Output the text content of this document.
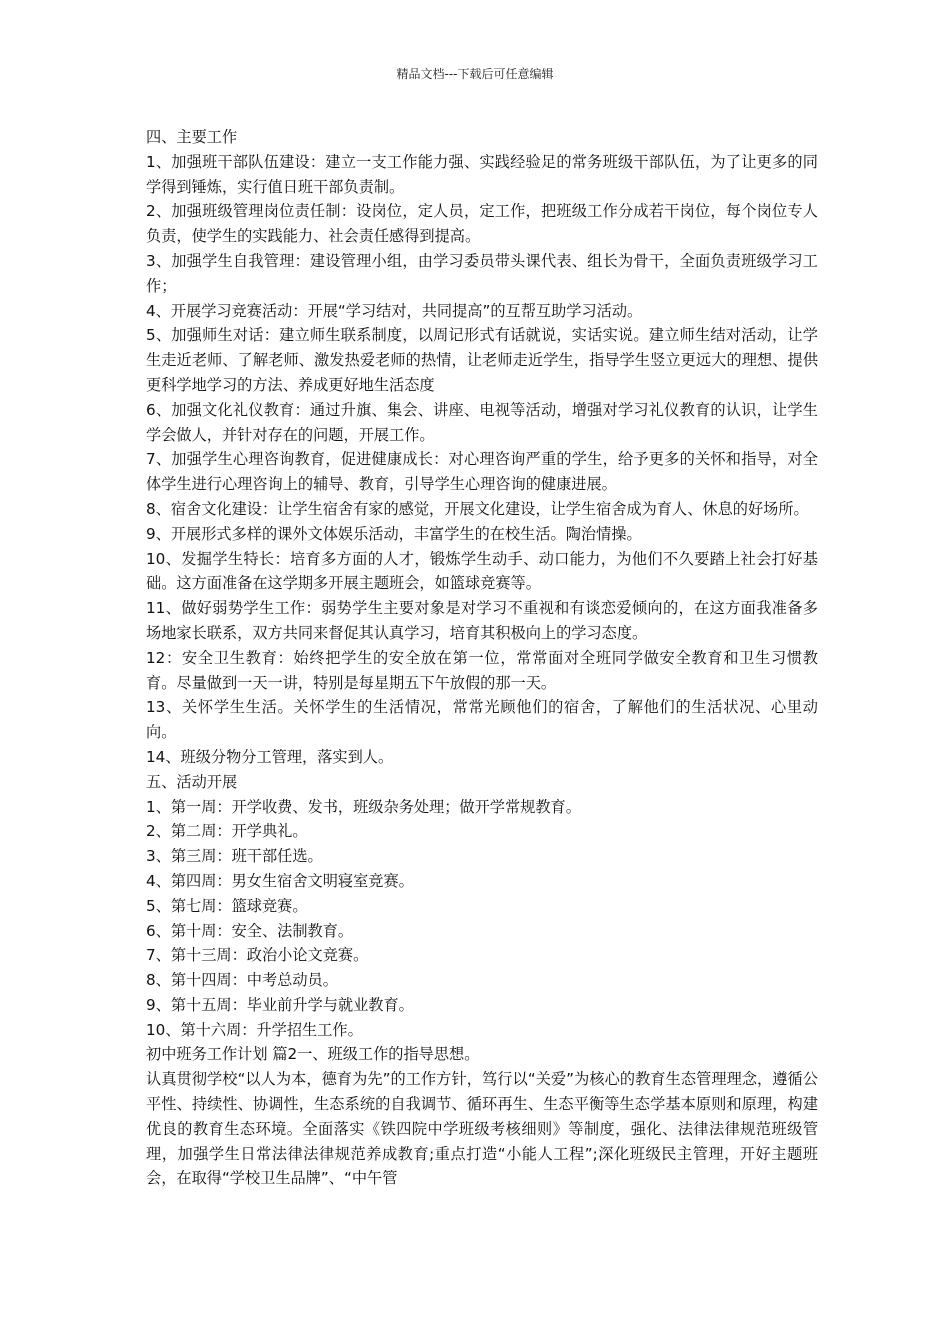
精品文档---下载后可任意编辑

四、主要工作

1、加强班干部队伍建设：建立一支工作能力强、实践经验足的常务班级干部队伍，为了让更多的同学得到锤炼，实行值日班干部负责制。

2、加强班级管理岗位责任制：设岗位，定人员，定工作，把班级工作分成若干岗位，每个岗位专人负责，使学生的实践能力、社会责任感得到提高。

3、加强学生自我管理：建设管理小组，由学习委员带头课代表、组长为骨干，全面负责班级学习工作；

4、开展学习竞赛活动：开展“学习结对，共同提高”的互帮互助学习活动。

5、加强师生对话：建立师生联系制度，以周记形式有话就说，实话实说。建立师生结对活动，让学生走近老师、了解老师、激发热爱老师的热情，让老师走近学生，指导学生竖立更远大的理想、提供更科学地学习的方法、养成更好地生活态度

6、加强文化礼仪教育：通过升旗、集会、讲座、电视等活动，增强对学习礼仪教育的认识，让学生学会做人，并针对存在的问题，开展工作。

7、加强学生心理咨询教育，促进健康成长：对心理咨询严重的学生，给予更多的关怀和指导，对全体学生进行心理咨询上的辅导、教育，引导学生心理咨询的健康进展。

8、宿舍文化建设：让学生宿舍有家的感觉，开展文化建设，让学生宿舍成为育人、休息的好场所。

9、开展形式多样的课外文体娱乐活动，丰富学生的在校生活。陶治情操。

10、发掘学生特长：培育多方面的人才，锻炼学生动手、动口能力，为他们不久要踏上社会打好基础。这方面准备在这学期多开展主题班会，如篮球竞赛等。

11、做好弱势学生工作：弱势学生主要对象是对学习不重视和有谈恋爱倾向的，在这方面我准备多场地家长联系，双方共同来督促其认真学习，培育其积极向上的学习态度。

12：安全卫生教育：始终把学生的安全放在第一位，常常面对全班同学做安全教育和卫生习惯教育。尽量做到一天一讲，特别是每星期五下午放假的那一天。

13、关怀学生生活。关怀学生的生活情况，常常光顾他们的宿舍，了解他们的生活状况、心里动向。

14、班级分物分工管理，落实到人。

五、活动开展

1、第一周：开学收费、发书，班级杂务处理；做开学常规教育。

2、第二周：开学典礼。

3、第三周：班干部任选。

4、第四周：男女生宿舍文明寝室竞赛。

5、第七周：篮球竞赛。

6、第十周：安全、法制教育。

7、第十三周：政治小论文竞赛。

8、第十四周：中考总动员。

9、第十五周：毕业前升学与就业教育。

10、第十六周：升学招生工作。

初中班务工作计划 篇2一、班级工作的指导思想。

认真贯彻学校“以人为本，德育为先”的工作方针，笃行以“关爱”为核心的教育生态管理理念，遵循公平性、持续性、协调性，生态系统的自我调节、循环再生、生态平衡等生态学基本原则和原理，构建优良的教育生态环境。全面落实《铁四院中学班级考核细则》等制度，强化、法律法律规范班级管理，加强学生日常法律法律规范养成教育;重点打造“小能人工程”;深化班级民主管理，开好主题班会，在取得“学校卫生品牌”、“中午管
